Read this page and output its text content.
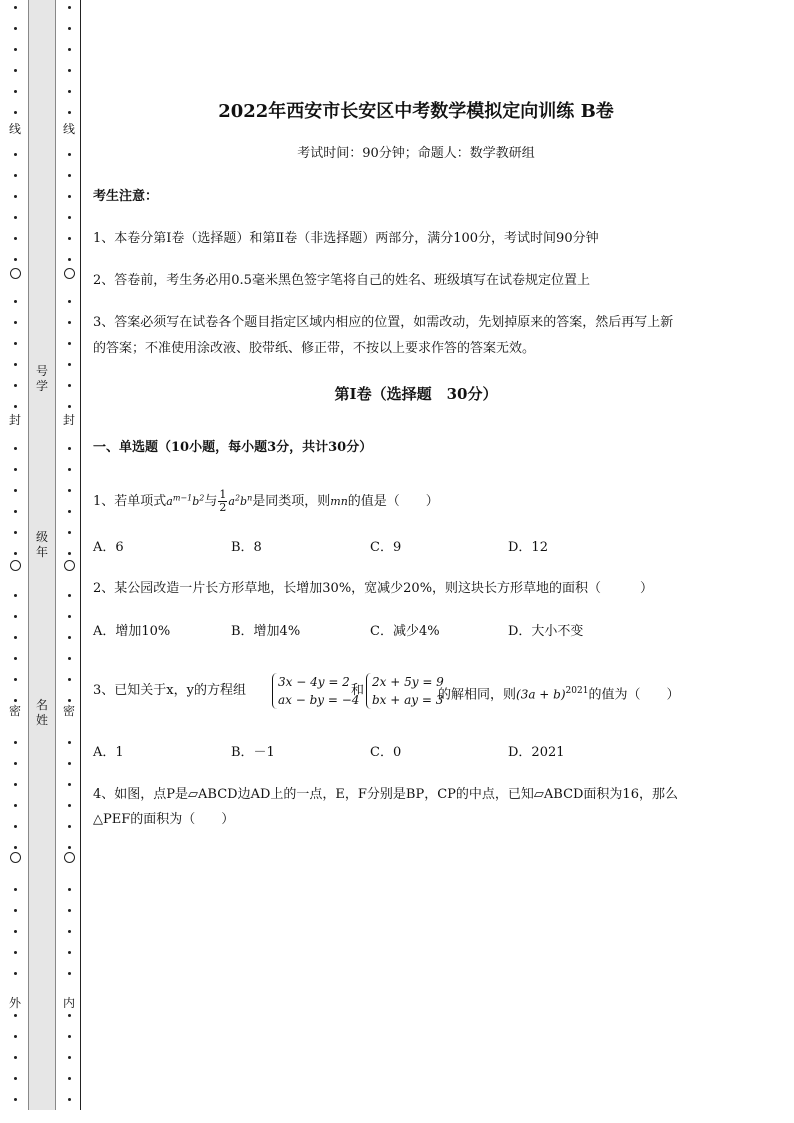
线
封
密
外
号学
级年
名姓
线
封
密
内
2022年西安市长安区中考数学模拟定向训练 B卷
考试时间：90分钟；命题人：数学教研组
考生注意：
1、本卷分第I卷（选择题）和第Ⅱ卷（非选择题）两部分，满分100分，考试时间90分钟
2、答卷前，考生务必用0.5毫米黑色签字笔将自己的姓名、班级填写在试卷规定位置上
3、答案必须写在试卷各个题目指定区域内相应的位置，如需改动，先划掉原来的答案，然后再写上新
的答案；不准使用涂改液、胶带纸、修正带，不按以上要求作答的答案无效。
第I卷（选择题　30分）
一、单选题（10小题，每小题3分，共计30分）
1、若单项式$a^{m-1}b^2$与 $\frac{1}{2} a^2b^n$是同类项，则mn的值是（　　）
A．6	B．8	C．9	D．12
2、某公园改造一片长方形草地，长增加30%，宽减少20%，则这块长方形草地的面积（　　　）
A．增加10%	B．增加4%	C．减少4%	D．大小不变
3、已知关于x，y的方程组
3x − 4y = 2
ax − by = −4
和
2x + 5y = 9
bx + ay = 3
的解相同，则$(3a + b)^{2021}$的值为（　　）
A．1	B．－1	C．0	D．2021
4、如图，点P是▱ABCD边AD上的一点，E，F分别是BP，CP的中点，已知▱ABCD面积为16，那么
△PEF的面积为（　　）
